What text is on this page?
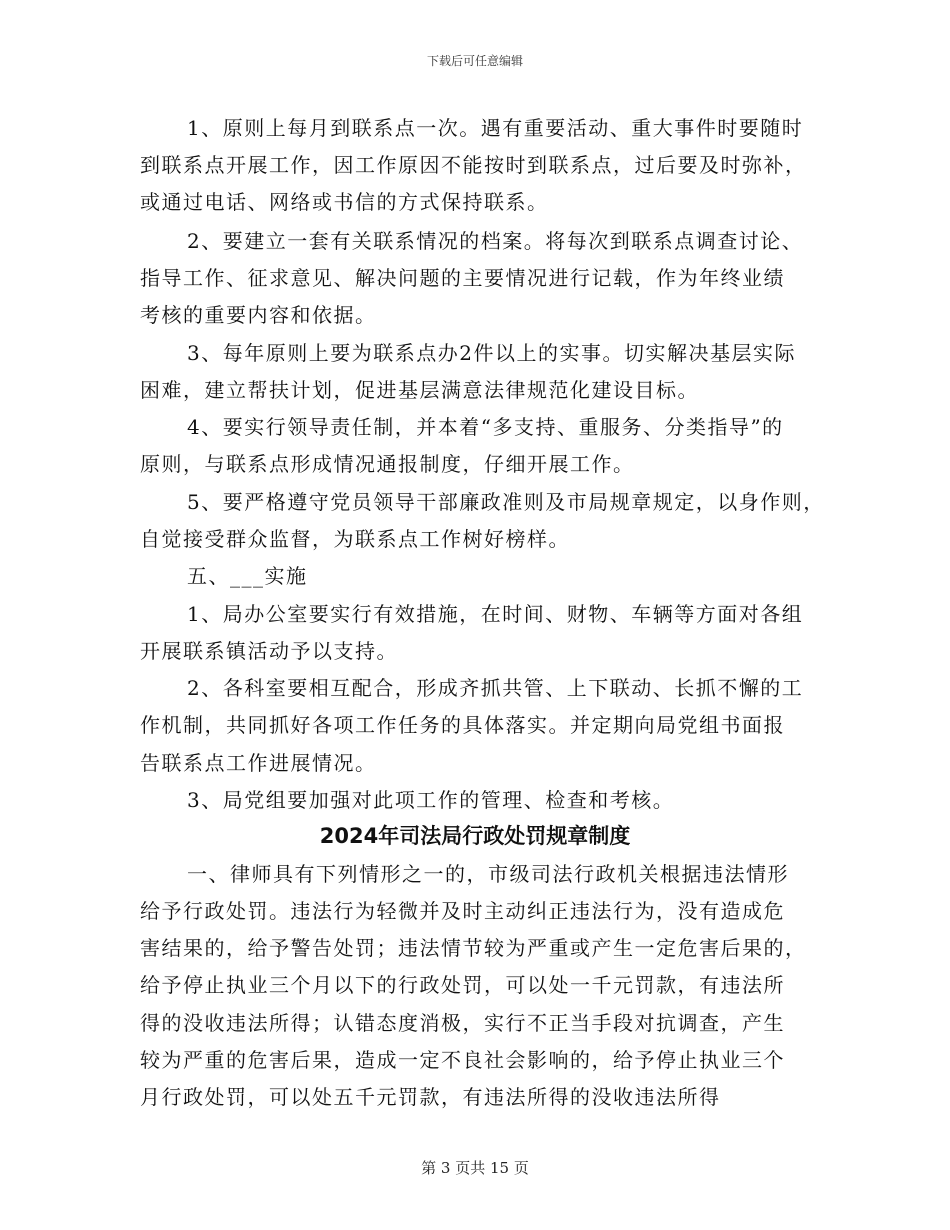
下载后可任意编辑
1、原则上每月到联系点一次。遇有重要活动、重大事件时要随时
到联系点开展工作，因工作原因不能按时到联系点，过后要及时弥补，
或通过电话、网络或书信的方式保持联系。
2、要建立一套有关联系情况的档案。将每次到联系点调查讨论、
指导工作、征求意见、解决问题的主要情况进行记载，作为年终业绩
考核的重要内容和依据。
3、每年原则上要为联系点办2件以上的实事。切实解决基层实际
困难，建立帮扶计划，促进基层满意法律规范化建设目标。
4、要实行领导责任制，并本着“多支持、重服务、分类指导”的
原则，与联系点形成情况通报制度，仔细开展工作。
5、要严格遵守党员领导干部廉政准则及市局规章规定，以身作则，
自觉接受群众监督，为联系点工作树好榜样。
五、___实施
1、局办公室要实行有效措施，在时间、财物、车辆等方面对各组
开展联系镇活动予以支持。
2、各科室要相互配合，形成齐抓共管、上下联动、长抓不懈的工
作机制，共同抓好各项工作任务的具体落实。并定期向局党组书面报
告联系点工作进展情况。
3、局党组要加强对此项工作的管理、检查和考核。
2024年司法局行政处罚规章制度
一、律师具有下列情形之一的，市级司法行政机关根据违法情形
给予行政处罚。违法行为轻微并及时主动纠正违法行为，没有造成危
害结果的，给予警告处罚；违法情节较为严重或产生一定危害后果的，
给予停止执业三个月以下的行政处罚，可以处一千元罚款，有违法所
得的没收违法所得；认错态度消极，实行不正当手段对抗调查，产生
较为严重的危害后果，造成一定不良社会影响的，给予停止执业三个
月行政处罚，可以处五千元罚款，有违法所得的没收违法所得
第 3 页共 15 页
